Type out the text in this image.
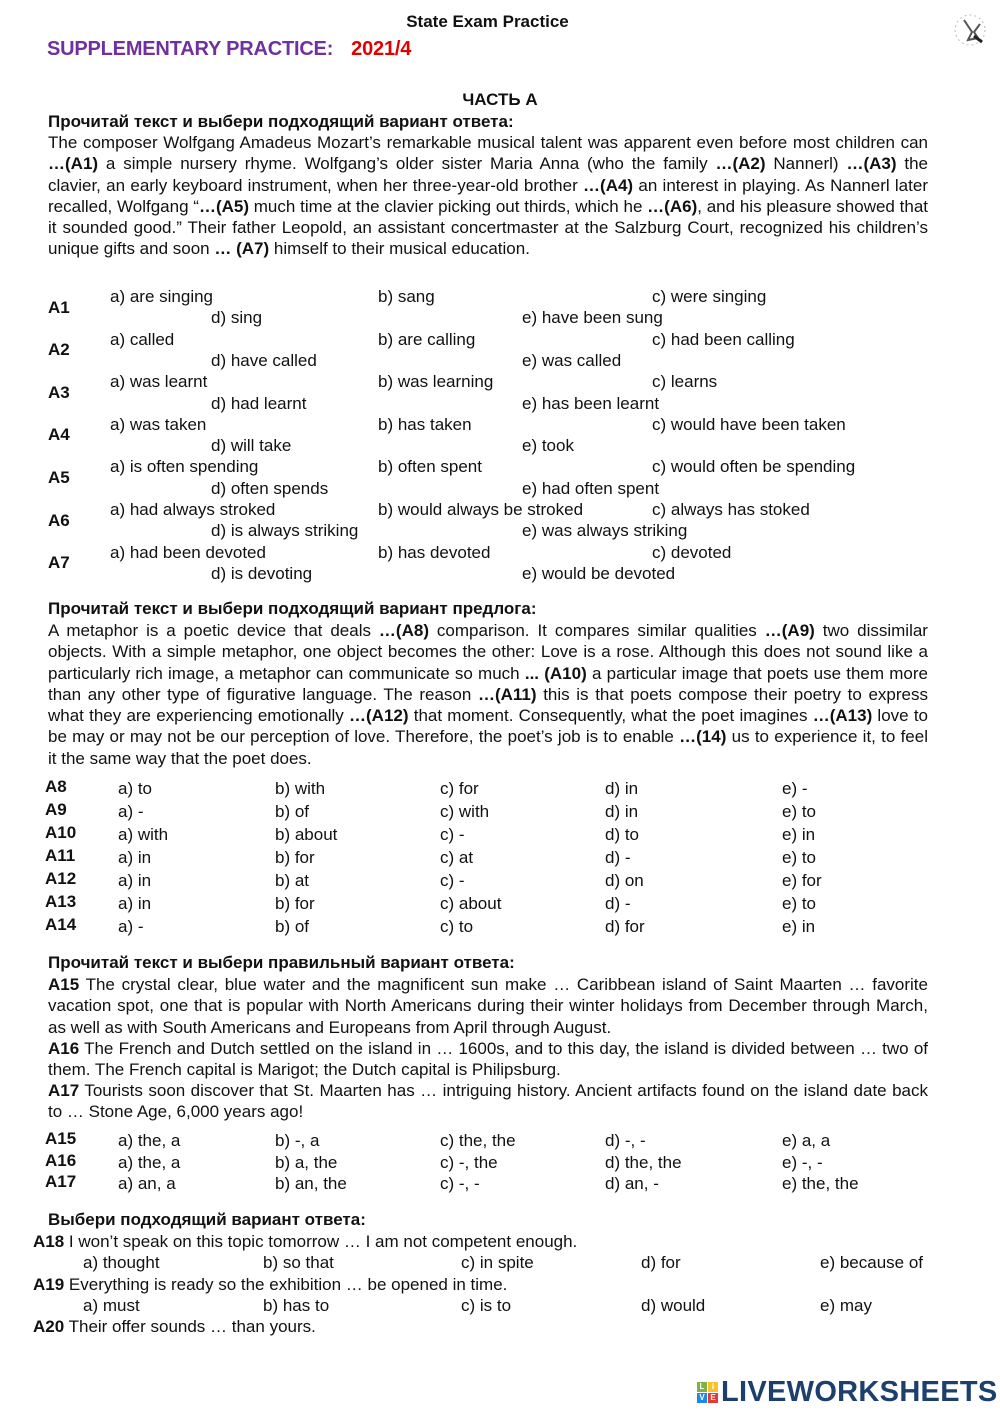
State Exam Practice
SUPPLEMENTARY PRACTICE: 2021/4
ЧАСТЬ А
Прочитай текст и выбери подходящий вариант ответа:
The composer Wolfgang Amadeus Mozart’s remarkable musical talent was apparent even before most children can …(A1) a simple nursery rhyme. Wolfgang’s older sister Maria Anna (who the family …(A2) Nannerl) …(A3) the clavier, an early keyboard instrument, when her three-year-old brother …(A4) an interest in playing. As Nannerl later recalled, Wolfgang “…(A5) much time at the clavier picking out thirds, which he …(A6), and his pleasure showed that it sounded good.” Their father Leopold, an assistant concertmaster at the Salzburg Court, recognized his children’s unique gifts and soon … (A7) himself to their musical education.
A1
a) are singing	b) sang	c) were singing
d) sing	e) have been sung
A2
a) called	b) are calling	c) had been calling
d) have called	e) was called
A3
a) was learnt	b) was learning	c) learns
d) had learnt	e) has been learnt
A4
a) was taken	b) has taken	c) would have been taken
d) will take	e) took
A5
a) is often spending	b) often spent	c) would often be spending
d) often spends	e) had often spent
A6
a) had always stroked	b) would always be stroked	c) always has stoked
d) is always striking	e) was always striking
A7
a) had been devoted	b) has devoted	c) devoted
d) is devoting	e) would be devoted
Прочитай текст и выбери подходящий вариант предлога:
A metaphor is a poetic device that deals …(A8) comparison. It compares similar qualities …(A9) two dissimilar objects. With a simple metaphor, one object becomes the other: Love is a rose. Although this does not sound like a particularly rich image, a metaphor can communicate so much ... (A10) a particular image that poets use them more than any other type of figurative language. The reason …(A11) this is that poets compose their poetry to express what they are experiencing emotionally …(A12) that moment. Consequently, what the poet imagines …(A13) love to be may or may not be our perception of love. Therefore, the poet’s job is to enable …(14) us to experience it, to feel it the same way that the poet does.
A8	a) to	b) with	c) for	d) in	e) -
A9	a) -	b) of	c) with	d) in	e) to
A10 a) with	b) about	c) -	d) to	e) in
A11	a) in	b) for	c) at	d) -	e) to
A12 a) in	b) at	c) -	d) on	e) for
A13 a) in	b) for	c) about	d) -	e) to
A14 a) -	b) of	c) to	d) for	e) in
Прочитай текст и выбери правильный вариант ответа:
A15 The crystal clear, blue water and the magnificent sun make … Caribbean island of Saint Maarten … favorite vacation spot, one that is popular with North Americans during their winter holidays from December through March, as well as with South Americans and Europeans from April through August.
A16 The French and Dutch settled on the island in … 1600s, and to this day, the island is divided between … two of them. The French capital is Marigot; the Dutch capital is Philipsburg.
A17 Tourists soon discover that St. Maarten has … intriguing history. Ancient artifacts found on the island date back to … Stone Age, 6,000 years ago!
A15 a) the, a	b) -, a	c) the, the	d) -, -	e) a, a
A16 a) the, a	b) a, the	c) -, the	d) the, the	e) -, -
A17 a) an, a	b) an, the	c) -, -	d) an, -	e) the, the
Выбери подходящий вариант ответа:
A18 I won’t speak on this topic tomorrow … I am not competent enough.
a) thought	b) so that	c) in spite	d) for	e) because of
A19 Everything is ready so the exhibition … be opened in time.
a) must	b) has to	c) is to	d) would	e) may
A20 Their offer sounds … than yours.
L I
V E LIVEWORKSHEETS
